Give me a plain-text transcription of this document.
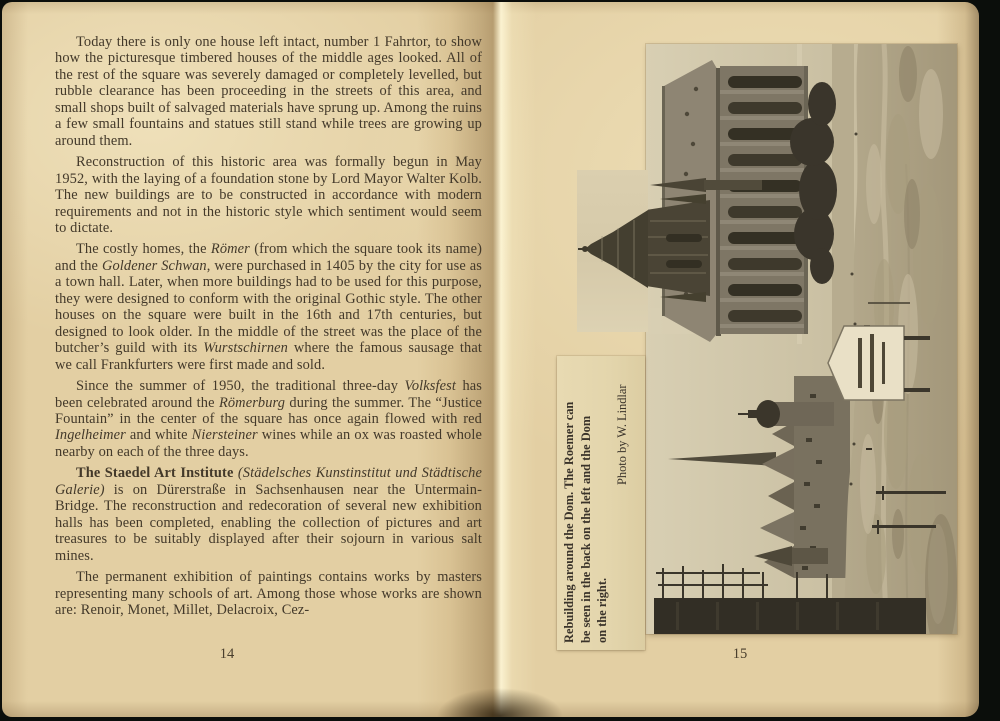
Today there is only one house left intact, number 1 Fahrtor, to show how the picturesque timbered houses of the middle ages looked. All of the rest of the square was severely damaged or completely levelled, but rubble clearance has been proceeding in the streets of this area, and small shops built of salvaged materials have sprung up. Among the ruins a few small fountains and statues still stand while trees are growing up around them.

Reconstruction of this historic area was formally begun in May 1952, with the laying of a foundation stone by Lord Mayor Walter Kolb. The new buildings are to be constructed in accordance with modern requirements and not in the historic style which sentiment would seem to dictate.

The costly homes, the Römer (from which the square took its name) and the Goldener Schwan, were purchased in 1405 by the city for use as a town hall. Later, when more buildings had to be used for this purpose, they were designed to conform with the original Gothic style. The other houses on the square were built in the 16th and 17th centuries, but designed to look older. In the middle of the street was the place of the butcher’s guild with its Wurstschirnen where the famous sausage that we call Frankfurters were first made and sold.

Since the summer of 1950, the traditional three-day Volksfest has been celebrated around the Römerburg during the summer. The “Justice Fountain” in the center of the square has once again flowed with red Ingelheimer and white Niersteiner wines while an ox was roasted whole nearby on each of the three days.

The Staedel Art Institute (Städelsches Kunstinstitut und Städtische Galerie) is on Dürerstraße in Sachsenhausen near the Untermain-Bridge. The reconstruction and redecoration of several new exhibition halls has been completed, enabling the collection of pictures and art treasures to be suitably displayed after their sojourn in various salt mines.

The permanent exhibition of paintings contains works by masters representing many schools of art. Among those whose works are shown are: Renoir, Monet, Millet, Delacroix, Cez-

14
Rebuilding around the Dom. The Roemer can be seen in the back on the left and the Dom on the right.
Photo by W. Lindlar
15
